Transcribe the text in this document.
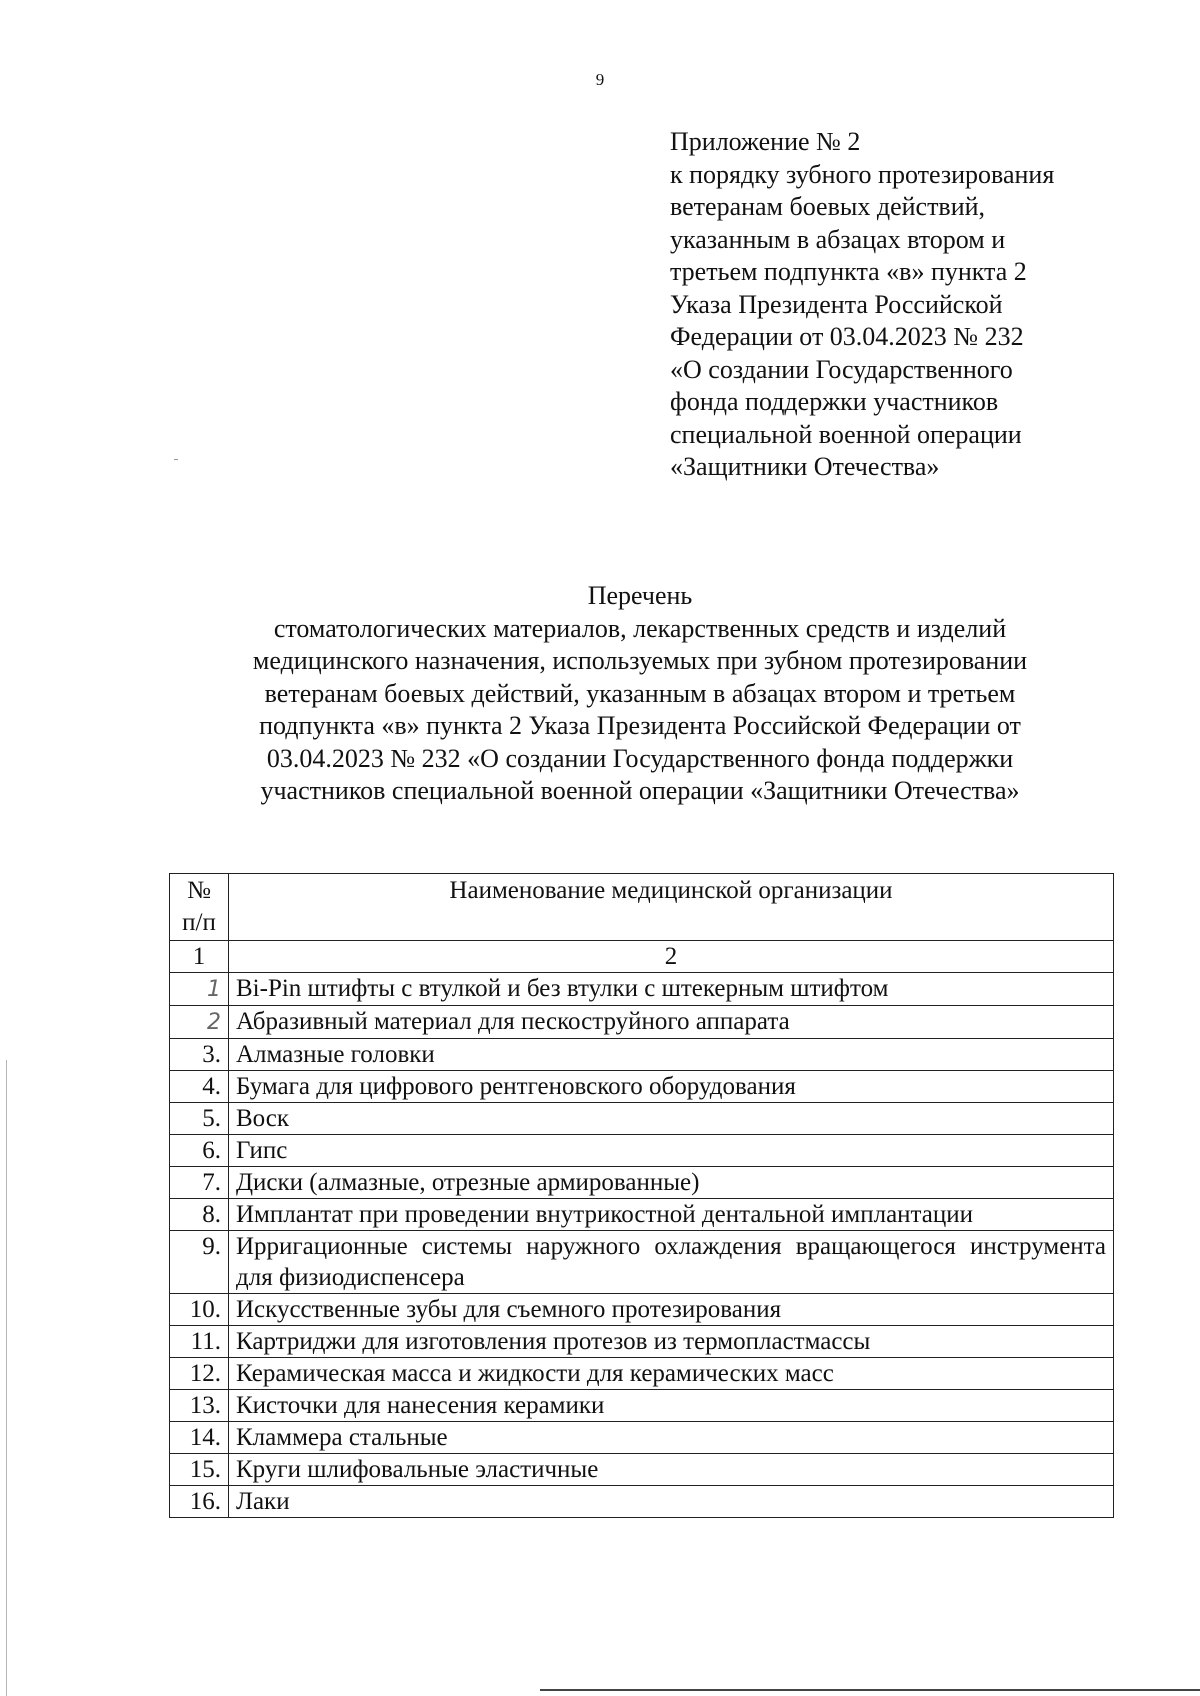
9
Приложение № 2
к порядку зубного протезирования
ветеранам боевых действий,
указанным в абзацах втором и
третьем подпункта «в» пункта 2
Указа Президента Российской
Федерации от 03.04.2023 № 232
«О создании Государственного
фонда поддержки участников
специальной военной операции
«Защитники Отечества»
Перечень
стоматологических материалов, лекарственных средств и изделий
медицинского назначения, используемых при зубном протезировании
ветеранам боевых действий, указанным в абзацах втором и третьем
подпункта «в» пункта 2 Указа Президента Российской Федерации от
03.04.2023 № 232 «О создании Государственного фонда поддержки
участников специальной военной операции «Защитники Отечества»
№
п/п	Наименование медицинской организации
1	2
1	Bi-Pin штифты с втулкой и без втулки с штекерным штифтом
2	Абразивный материал для пескоструйного аппарата
3.	Алмазные головки
4.	Бумага для цифрового рентгеновского оборудования
5.	Воск
6.	Гипс
7.	Диски (алмазные, отрезные армированные)
8.	Имплантат при проведении внутрикостной дентальной имплантации
9.	Ирригационные системы наружного охлаждения вращающегося инструмента для физиодиспенсера
10.	Искусственные зубы для съемного протезирования
11.	Картриджи для изготовления протезов из термопластмассы
12.	Керамическая масса и жидкости для керамических масс
13.	Кисточки для нанесения керамики
14.	Кламмера стальные
15.	Круги шлифовальные эластичные
16.	Лаки
